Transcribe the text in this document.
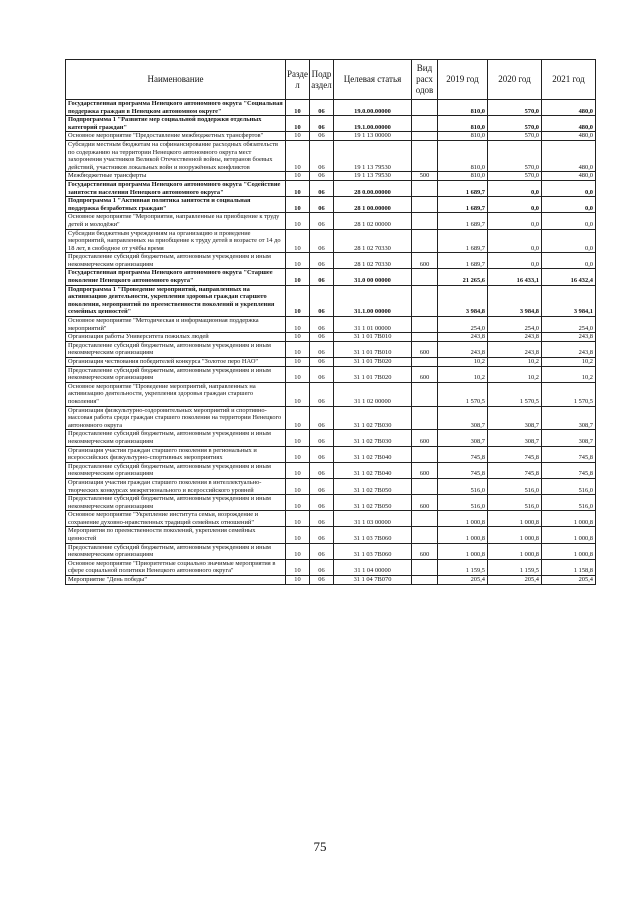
Наименование	Разде л	Подр аздел	Целевая статья	Вид расх одов	2019 год	2020 год	2021 год
Государственная программа Ненецкого автономного округа "Социальная поддержка граждан в Ненецком автономном округе"	10	06	19.0.00.00000		810,0	570,0	480,0
Подпрограмма 1 "Развитие мер социальной поддержки отдельных категорий граждан"	10	06	19.1.00.00000		810,0	570,0	480,0
Основное мероприятие "Предоставление межбюджетных трансфертов"	10	06	19 1 13 00000		810,0	570,0	480,0
Субсидии местным бюджетам на софинансирование расходных обязательств по содержанию на территории Ненецкого автономного округа мест захоронения участников Великой Отечественной войны, ветеранов боевых действий, участников локальных войн и вооружённых конфликтов	10	06	19 1 13 79530		810,0	570,0	480,0
Межбюджетные трансферты	10	06	19 1 13 79530	500	810,0	570,0	480,0
Государственная программа Ненецкого автономного округа "Содействие занятости населения Ненецкого автономного округа"	10	06	28 0.00.00000		1 689,7	0,0	0,0
Подпрограмма 1 "Активная политика занятости и социальная поддержка безработных граждан"	10	06	28 1 00.00000		1 689,7	0,0	0,0
Основное мероприятие "Мероприятия, направленные на приобщение к труду детей и молодёжи"	10	06	28 1 02 00000		1 689,7	0,0	0,0
Субсидии бюджетным учреждениям на организацию и проведение мероприятий, направленных на приобщение к труду детей в возрасте от 14 до 18 лет, в свободное от учёбы время	10	06	28 1 02 70330		1 689,7	0,0	0,0
Предоставление субсидий бюджетным, автономным учреждениям и иным некоммерческим организациям	10	06	28 1 02 70330	600	1 689,7	0,0	0,0
Государственная программа Ненецкого автономного округа "Старшее поколение Ненецкого автономного округа"	10	06	31.0 00 00000		21 265,6	16 433,1	16 432,4
Подпрограмма 1 "Проведение мероприятий, направленных на активизацию деятельности, укрепления здоровья граждан старшего поколения, мероприятий по преемственности поколений и укрепления семейных ценностей"	10	06	31.1.00 00000		3 984,8	3 984,8	3 984,1
Основное мероприятие "Методическая и информационная поддержка мероприятий"	10	06	31 1 01 00000		254,0	254,0	254,0
Организация работы Университета пожилых людей	10	06	31 1 01 7В010		243,8	243,8	243,8
Предоставление субсидий бюджетным, автономным учреждениям и иным некоммерческим организациям	10	06	31 1 01 7В010	600	243,8	243,8	243,8
Организация чествования победителей конкурса "Золотое перо НАО"	10	06	31 1 01 7В020		10,2	10,2	10,2
Предоставление субсидий бюджетным, автономным учреждениям и иным некоммерческим организациям	10	06	31 1 01 7В020	600	10,2	10,2	10,2
Основное мероприятие "Проведение мероприятий, направленных на активизацию деятельности, укрепления здоровья граждан старшего поколения"	10	06	31 1 02 00000		1 570,5	1 570,5	1 570,5
Организация физкультурно-оздоровительных мероприятий и спортивно-массовая работа среди граждан старшего поколения на территории Ненецкого автономного округа	10	06	31 1 02 7В030		308,7	308,7	308,7
Предоставление субсидий бюджетным, автономным учреждениям и иным некоммерческим организациям	10	06	31 1 02 7В030	600	308,7	308,7	308,7
Организация участия граждан старшего поколения в региональных и всероссийских физкультурно-спортивных мероприятиях	10	06	31 1 02 7В040		745,8	745,8	745,8
Предоставление субсидий бюджетным, автономным учреждениям и иным некоммерческим организациям	10	06	31 1 02 7В040	600	745,8	745,8	745,8
Организация участия граждан старшего поколения в интеллектуально-творческих конкурсах межрегионального и всероссийского уровней	10	06	31 1 02 7В050		516,0	516,0	516,0
Предоставление субсидий бюджетным, автономным учреждениям и иным некоммерческим организациям	10	06	31 1 02 7В050	600	516,0	516,0	516,0
Основное мероприятие "Укрепление института семьи, возрождение и сохранение духовно-нравственных традиций семейных отношений"	10	06	31 1 03 00000		1 000,8	1 000,8	1 000,8
Мероприятия по преемственности поколений, укрепления семейных ценностей	10	06	31 1 03 7В060		1 000,8	1 000,8	1 000,8
Предоставление субсидий бюджетным, автономным учреждениям и иным некоммерческим организациям	10	06	31 1 03 7В060	600	1 000,8	1 000,8	1 000,8
Основное мероприятие "Приоритетные социально значимые мероприятия в сфере социальной политики Ненецкого автономного округа"	10	06	31 1 04 00000		1 159,5	1 159,5	1 158,8
Мероприятие "День победы"	10	06	31 1 04 7В070		205,4	205,4	205,4
75
